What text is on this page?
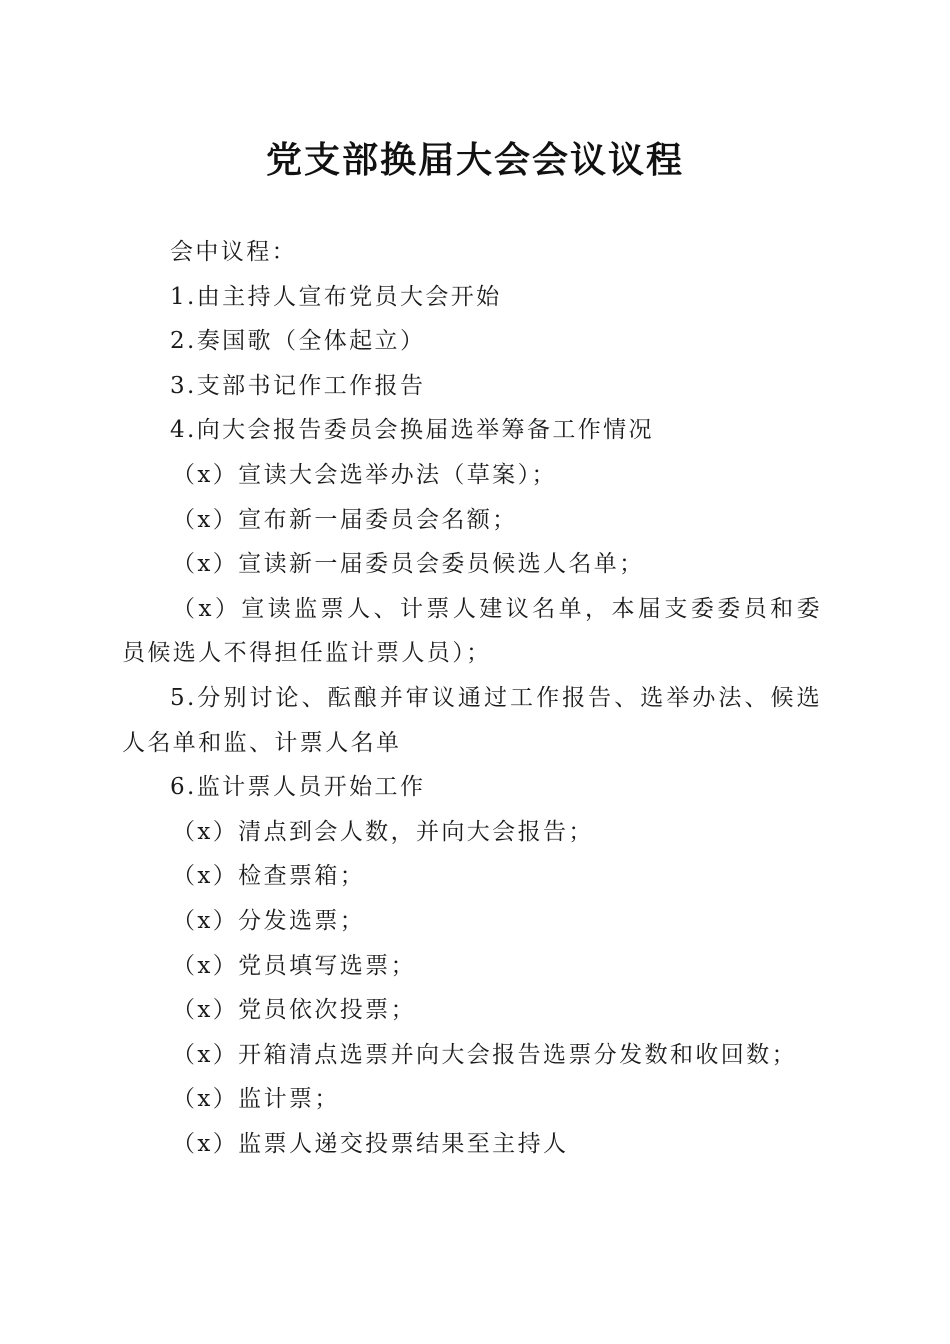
党支部换届大会会议议程

会中议程：

1.由主持人宣布党员大会开始

2.奏国歌（全体起立）

3.支部书记作工作报告

4.向大会报告委员会换届选举筹备工作情况

（x）宣读大会选举办法（草案）；

（x）宣布新一届委员会名额；

（x）宣读新一届委员会委员候选人名单；

（x）宣读监票人、计票人建议名单，本届支委委员和委员候选人不得担任监计票人员）；

5.分别讨论、酝酿并审议通过工作报告、选举办法、候选人名单和监、计票人名单

6.监计票人员开始工作

（x）清点到会人数，并向大会报告；

（x）检查票箱；

（x）分发选票；

（x）党员填写选票；

（x）党员依次投票；

（x）开箱清点选票并向大会报告选票分发数和收回数；

（x）监计票；

（x）监票人递交投票结果至主持人
